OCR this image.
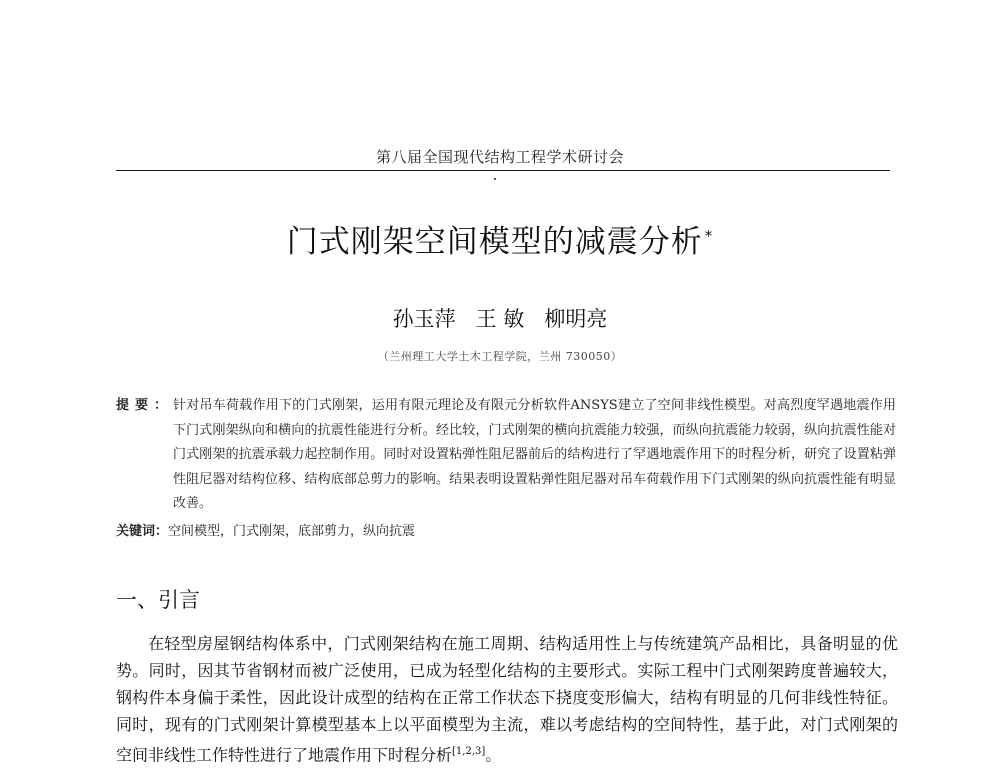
第八届全国现代结构工程学术研讨会
门式刚架空间模型的减震分析 *
孙玉萍 王 敏 柳明亮
（兰州理工大学土木工程学院，兰州 730050）
提要： 针对吊车荷载作用下的门式刚架，运用有限元理论及有限元分析软件ANSYS建立了空间非线性模型。对高烈度罕遇地震作用下门式刚架纵向和横向的抗震性能进行分析。经比较，门式刚架的横向抗震能力较强，而纵向抗震能力较弱，纵向抗震性能对门式刚架的抗震承载力起控制作用。同时对设置粘弹性阻尼器前后的结构进行了罕遇地震作用下的时程分析，研究了设置粘弹性阻尼器对结构位移、结构底部总剪力的影响。结果表明设置粘弹性阻尼器对吊车荷载作用下门式刚架的纵向抗震性能有明显改善。
关键词：空间模型，门式刚架，底部剪力，纵向抗震
一、引言
在轻型房屋钢结构体系中，门式刚架结构在施工周期、结构适用性上与传统建筑产品相比，具备明显的优势。同时，因其节省钢材而被广泛使用，已成为轻型化结构的主要形式。实际工程中门式刚架跨度普遍较大，钢构件本身偏于柔性，因此设计成型的结构在正常工作状态下挠度变形偏大，结构有明显的几何非线性特征。同时，现有的门式刚架计算模型基本上以平面模型为主流，难以考虑结构的空间特性，基于此，对门式刚架的空间非线性工作特性进行了地震作用下时程分析[1,2,3]。
